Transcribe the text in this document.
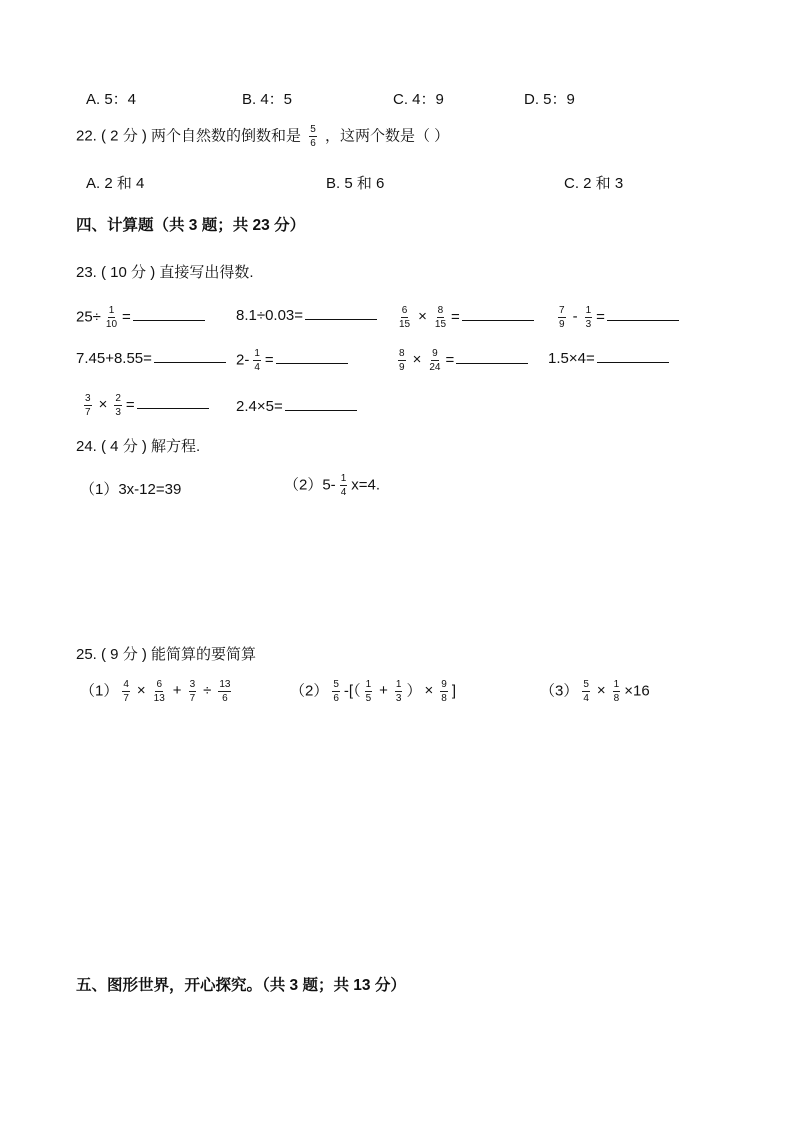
A. 5：4	B. 4：5	C. 4：9	D. 5：9
22. ( 2 分 ) 两个自然数的倒数和是 $\frac{5}{6}$ ，这两个数是（ ）
A. 2 和 4	B. 5 和 6	C. 2 和 3
四、计算题（共 3 题；共 23 分）
23. ( 10 分 ) 直接写出得数.
$25\div \frac{1}{10}$ =	8.1÷0.03=	$\frac{6}{15} \times \frac{8}{15}$ =	$\frac{7}{9} - \frac{1}{3}$ =
7.45+8.55=	$2- \frac{1}{4}$ =	$\frac{8}{9} \times \frac{9}{24}$ =	1.5×4=
$\frac{3}{7} \times \frac{2}{3}$ =	2.4×5=
24. ( 4 分 ) 解方程.
（1）3x-12=39	$(2)5- \frac{1}{4} x=4$.
25. ( 9 分 ) 能简算的要简算
$(1) \frac{4}{7} \times \frac{6}{13} + \frac{3}{7} \div \frac{13}{6}$	$(2) \frac{5}{6}$ -[（ $\frac{1}{5} + \frac{1}{3}$ ） × $\frac{9}{8}$ ]	$(3) \frac{5}{4} \times \frac{1}{8} \times 16$
五、图形世界，开心探究。（共 3 题；共 13 分）
